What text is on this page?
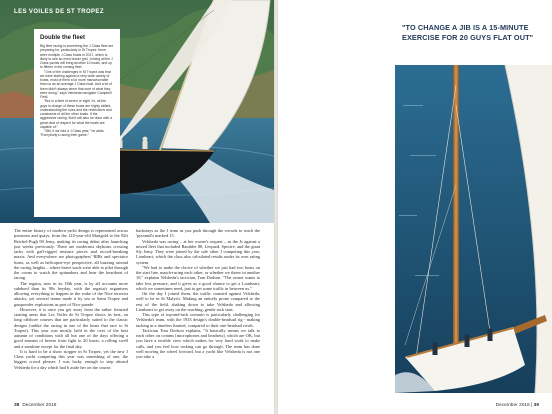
LES VOILES DE ST TROPEZ
Double the fleet

Big fleet racing is something the J Class fleet are preparing for, particularly in St Tropez: there were multiple J Class boats in 2017, which is likely to see an even busier grid. Joining all the J Class yachts will bring another 10 boats, and up to fifteen in the coming fleet.

"One of the challenges in St Tropez was that we were starting against a very wide variety of boats, most of them a lot more manoeuvrable than us as an average J Class boat. And a lot of them didn't always seem that sure of what they were doing," says Velsheda navigator Campbell Field.

"But in a fleet of seven or eight J's, all the guys in charge of these boats are highly skilled, understanding the rules and the restrictions and constraints of all the other boats. If the aggressive racing. But it will also be done with a great deal of respect for what the boats are capable of."

"Still, if we had a J Class year," he adds. "Everybody's racing their game."

The entire history of modern yacht design is represented across pontoons and quays, from the 124-year-old Marigold to the 92ft Reichel-Pugh 90 Jemy, making its racing debut after launching just weeks previously. There are modernist skyboats crossing tacks with gaff-rigged treasure pieces and record-breaking maxis. And everywhere are photographers' RIBs and spectator boats, as well as helicopter-eye perspective, all buzzing around the racing heights – where brave souls were able to pilot through the ocean to watch the spinnakers and hear the heartbeat of racing.

The regatta, now in its 18th year, is by all accounts more subdued than its 90s heyday, with the regatta's organisers allowing everything to happen in the wake of the Nice terrorist attacks, yet several teams made it by sea to Saint Tropez and gunpowder explosions as part of Nice parade.

However, it is once you get away from the rather frenzied starting areas that Les Voiles de St Tropez shows its best, on long offshore courses that are particularly suited to the classic designs (unlike the racing in one of the boats that race to St Tropez). This year was mostly held in the over of the best autumn of conditions with all but one of the days offering a good amount of breeze from light to 20 knots, a rolling swell and a sunshine except for the final day.

It is hard to be a show stopper in St Tropez, yet the new J Class yacht competing this year was something of one, the biggest crowd pleaser. I was lucky enough to step aboard Velsheda for a day which had 6 aside her on the course.

backstays as the J team as you push through the crowds to reach the 'pyramid's marked 15.

Velsheda was racing – at her owner's request – as the Js against a mixed fleet that included Rambler 88, Leopard, Spectre, and the giant Sly Jemy. They were joined by the sole other J competing this year, Lionheart, which the class also calculated results under its own rating system.

"We had to make the choice of whether we just had two boats on the start line, match-racing each other, or whether we threw in another 10," explains Velsheda's tactician, Tom Dodson. "The owner wants to take less pressure, and it gives us a good chance to get a Lionheart, which we sometimes need, just to get some traffic in between us."

On the day I joined them, the traffic counted against Velsheda, well to be in St Malya's. Making an entirely prone compared to the rest of the field, shaking down to take Velsheda and allowing Lionheart to get away on the reaching, gentle tack start.

This type of top-and-tack scenario is particularly challenging for Velsheda's team, with the 1933 design's double-headsail rig - making tacking in a timeless limited, compared to their one-headsail rivals.

Tactician Tom Dodson explains, "It basically means we talk to each other on comms [microphones and headsets], which are OK, but you have a terrible view which makes for very hard work to make calls, and you feel how tacking can go through. The team has done well moving the wheel forward, but a yacht like Velsheda is not one you take a

38 December 2016
"TO CHANGE A JIB IS A 15-MINUTE EXERCISE FOR 20 GUYS FLAT OUT"
December 2016 | 39
